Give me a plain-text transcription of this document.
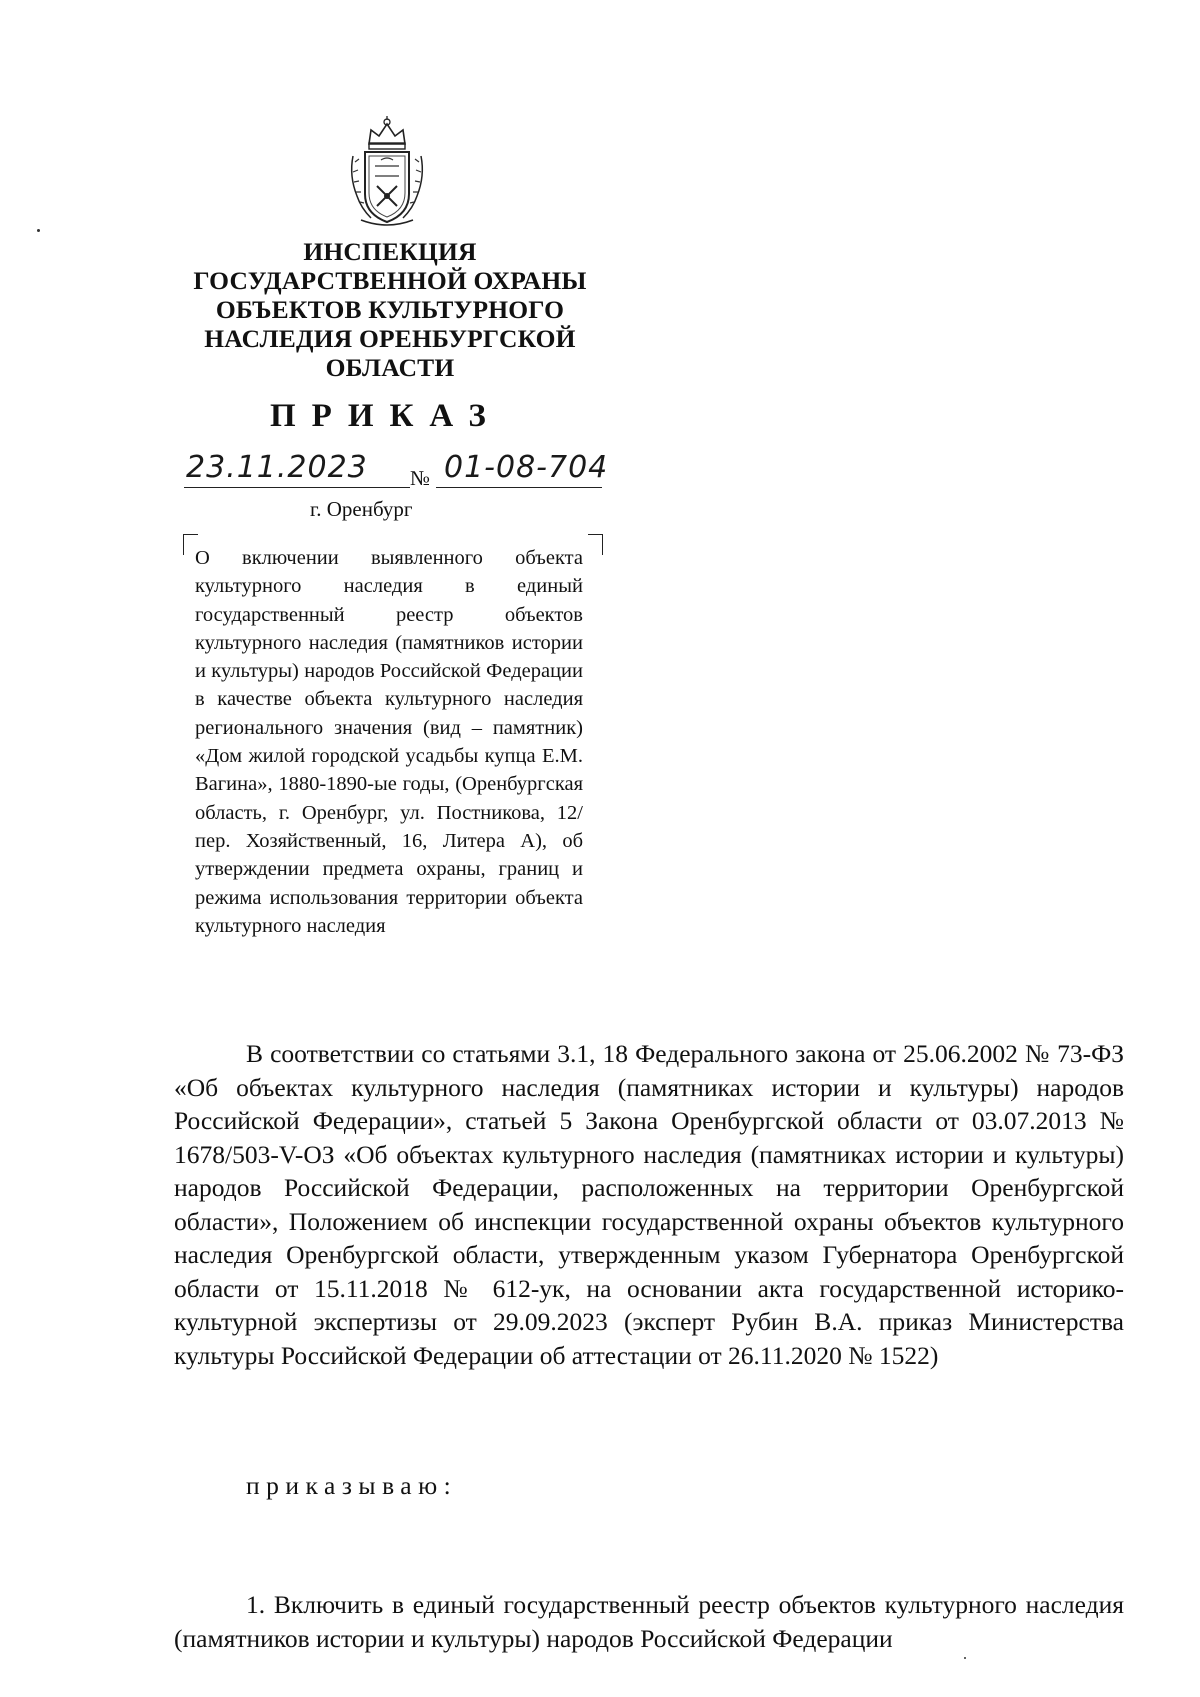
ИНСПЕКЦИЯ
ГОСУДАРСТВЕННОЙ ОХРАНЫ
ОБЪЕКТОВ КУЛЬТУРНОГО
НАСЛЕДИЯ ОРЕНБУРГСКОЙ
ОБЛАСТИ
ПРИКАЗ
23.11.2023	№ 01-08-704
г. Оренбург
О включении выявленного объекта культурного наследия в единый государственный реестр объектов культурного наследия (памятников истории и культуры) народов Российской Федерации в качестве объекта культурного наследия регионального значения (вид – памятник) «Дом жилой городской усадьбы купца Е.М. Вагина», 1880-1890-ые годы, (Оренбургская область, г. Оренбург, ул. Постникова, 12/пер. Хозяйственный, 16, Литера А), об утверждении предмета охраны, границ и режима использования территории объекта культурного наследия
В соответствии со статьями 3.1, 18 Федерального закона от 25.06.2002 № 73-ФЗ «Об объектах культурного наследия (памятниках истории и культуры) народов Российской Федерации», статьей 5 Закона Оренбургской области от 03.07.2013 № 1678/503-V-ОЗ «Об объектах культурного наследия (памятниках истории и культуры) народов Российской Федерации, расположенных на территории Оренбургской области», Положением об инспекции государственной охраны объектов культурного наследия Оренбургской области, утвержденным указом Губернатора Оренбургской области от 15.11.2018 № 612-ук, на основании акта государственной историко-культурной экспертизы от 29.09.2023 (эксперт Рубин В.А. приказ Министерства культуры Российской Федерации об аттестации от 26.11.2020 № 1522)
приказываю:
1. Включить в единый государственный реестр объектов культурного наследия (памятников истории и культуры) народов Российской Федерации
